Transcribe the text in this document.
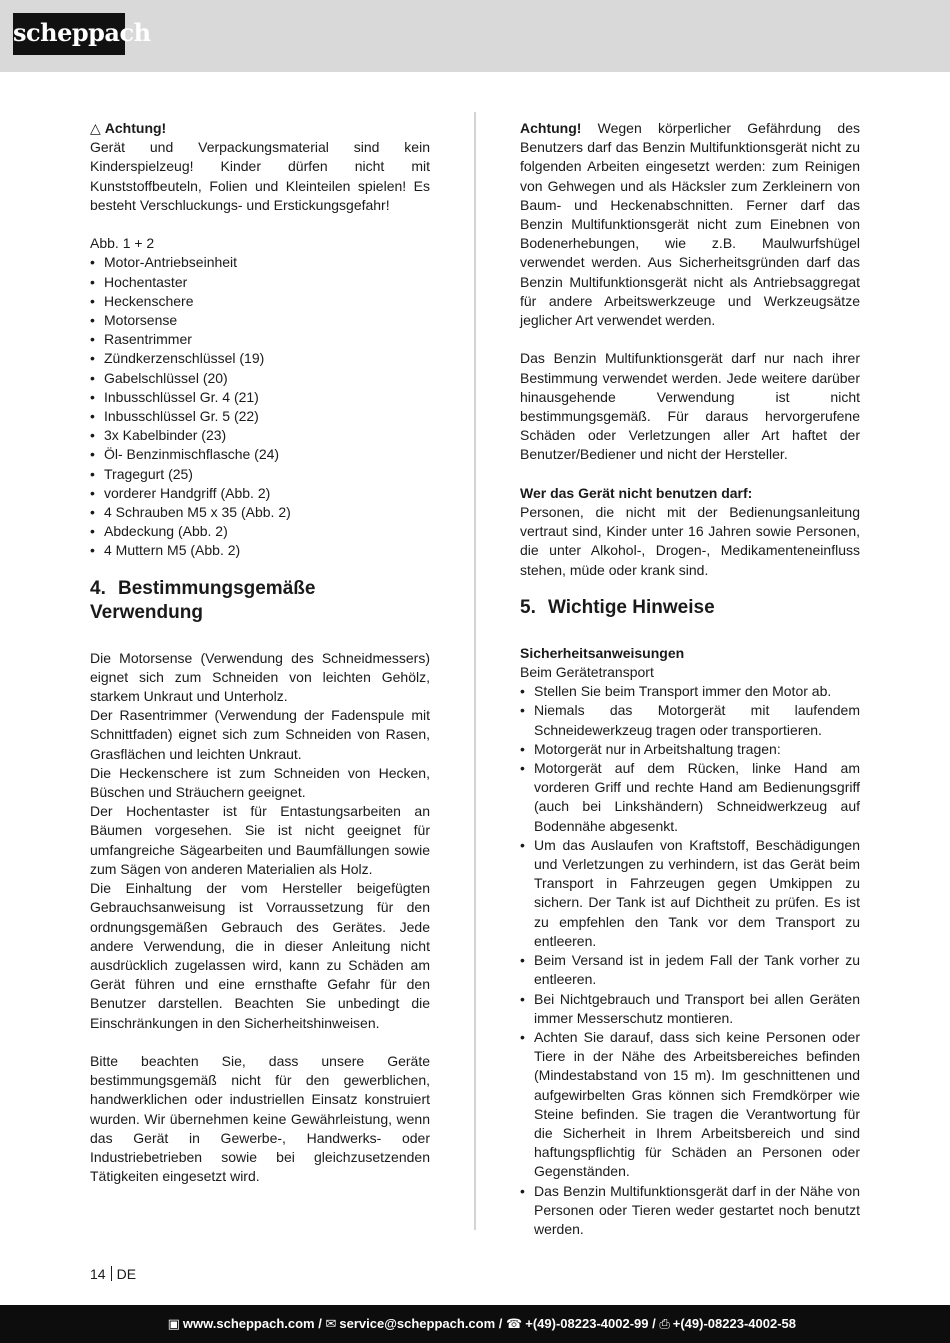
scheppach

△ Achtung!
Gerät und Verpackungsmaterial sind kein Kinderspielzeug! Kinder dürfen nicht mit Kunststoffbeuteln, Folien und Kleinteilen spielen! Es besteht Verschluckungs- und Erstickungsgefahr!

Abb. 1 + 2

• Motor-Antriebseinheit
• Hochentaster
• Heckenschere
• Motorsense
• Rasentrimmer
• Zündkerzenschlüssel (19)
• Gabelschlüssel (20)
• Inbusschlüssel Gr. 4 (21)
• Inbusschlüssel Gr. 5 (22)
• 3x Kabelbinder (23)
• Öl- Benzinmischflasche (24)
• Tragegurt (25)
• vorderer Handgriff (Abb. 2)
• 4 Schrauben M5 x 35 (Abb. 2)
• Abdeckung (Abb. 2)
• 4 Muttern M5 (Abb. 2)
4. Bestimmungsgemäße Verwendung

Die Motorsense (Verwendung des Schneidmessers) eignet sich zum Schneiden von leichten Gehölz, starkem Unkraut und Unterholz.

Der Rasentrimmer (Verwendung der Fadenspule mit Schnittfaden) eignet sich zum Schneiden von Rasen, Grasflächen und leichten Unkraut.

Die Heckenschere ist zum Schneiden von Hecken, Büschen und Sträuchern geeignet.

Der Hochentaster ist für Entastungsarbeiten an Bäumen vorgesehen. Sie ist nicht geeignet für umfangreiche Sägearbeiten und Baumfällungen sowie zum Sägen von anderen Materialien als Holz.

Die Einhaltung der vom Hersteller beigefügten Gebrauchsanweisung ist Vorraussetzung für den ordnungsgemäßen Gebrauch des Gerätes. Jede andere Verwendung, die in dieser Anleitung nicht ausdrücklich zugelassen wird, kann zu Schäden am Gerät führen und eine ernsthafte Gefahr für den Benutzer darstellen. Beachten Sie unbedingt die Einschränkungen in den Sicherheitshinweisen.

Bitte beachten Sie, dass unsere Geräte bestimmungsgemäß nicht für den gewerblichen, handwerklichen oder industriellen Einsatz konstruiert wurden. Wir übernehmen keine Gewährleistung, wenn das Gerät in Gewerbe-, Handwerks- oder Industriebetrieben sowie bei gleichzusetzenden Tätigkeiten eingesetzt wird.

Achtung! Wegen körperlicher Gefährdung des Benutzers darf das Benzin Multifunktionsgerät nicht zu folgenden Arbeiten eingesetzt werden: zum Reinigen von Gehwegen und als Häcksler zum Zerkleinern von Baum- und Heckenabschnitten. Ferner darf das Benzin Multifunktionsgerät nicht zum Einebnen von Bodenerhebungen, wie z.B. Maulwurfshügel verwendet werden. Aus Sicherheitsgründen darf das Benzin Multifunktionsgerät nicht als Antriebsaggregat für andere Arbeitswerkzeuge und Werkzeugsätze jeglicher Art verwendet werden.

Das Benzin Multifunktionsgerät darf nur nach ihrer Bestimmung verwendet werden. Jede weitere darüber hinausgehende Verwendung ist nicht bestimmungsgemäß. Für daraus hervorgerufene Schäden oder Verletzungen aller Art haftet der Benutzer/Bediener und nicht der Hersteller.

Wer das Gerät nicht benutzen darf:

Personen, die nicht mit der Bedienungsanleitung vertraut sind, Kinder unter 16 Jahren sowie Personen, die unter Alkohol-, Drogen-, Medikamenteneinfluss stehen, müde oder krank sind.

5. Wichtige Hinweise

Sicherheitsanweisungen

Beim Gerätetransport

• Stellen Sie beim Transport immer den Motor ab.
• Niemals das Motorgerät mit laufendem Schneidewerkzeug tragen oder transportieren.
• Motorgerät nur in Arbeitshaltung tragen:
• Motorgerät auf dem Rücken, linke Hand am vorderen Griff und rechte Hand am Bedienungsgriff (auch bei Linkshändern) Schneidwerkzeug auf Bodennähe abgesenkt.
• Um das Auslaufen von Kraftstoff, Beschädigungen und Verletzungen zu verhindern, ist das Gerät beim Transport in Fahrzeugen gegen Umkippen zu sichern. Der Tank ist auf Dichtheit zu prüfen. Es ist zu empfehlen den Tank vor dem Transport zu entleeren.
• Beim Versand ist in jedem Fall der Tank vorher zu entleeren.
• Bei Nichtgebrauch und Transport bei allen Geräten immer Messerschutz montieren.
• Achten Sie darauf, dass sich keine Personen oder Tiere in der Nähe des Arbeitsbereiches befinden (Mindestabstand von 15 m). Im geschnittenen und aufgewirbelten Gras können sich Fremdkörper wie Steine befinden. Sie tragen die Verantwortung für die Sicherheit in Ihrem Arbeitsbereich und sind haftungspflichtig für Schäden an Personen oder Gegenständen.
• Das Benzin Multifunktionsgerät darf in der Nähe von Personen oder Tieren weder gestartet noch benutzt werden.
14 DE
▣ www.scheppach.com / ✉ service@scheppach.com / ☎ +(49)-08223-4002-99 / ⎙ +(49)-08223-4002-58
